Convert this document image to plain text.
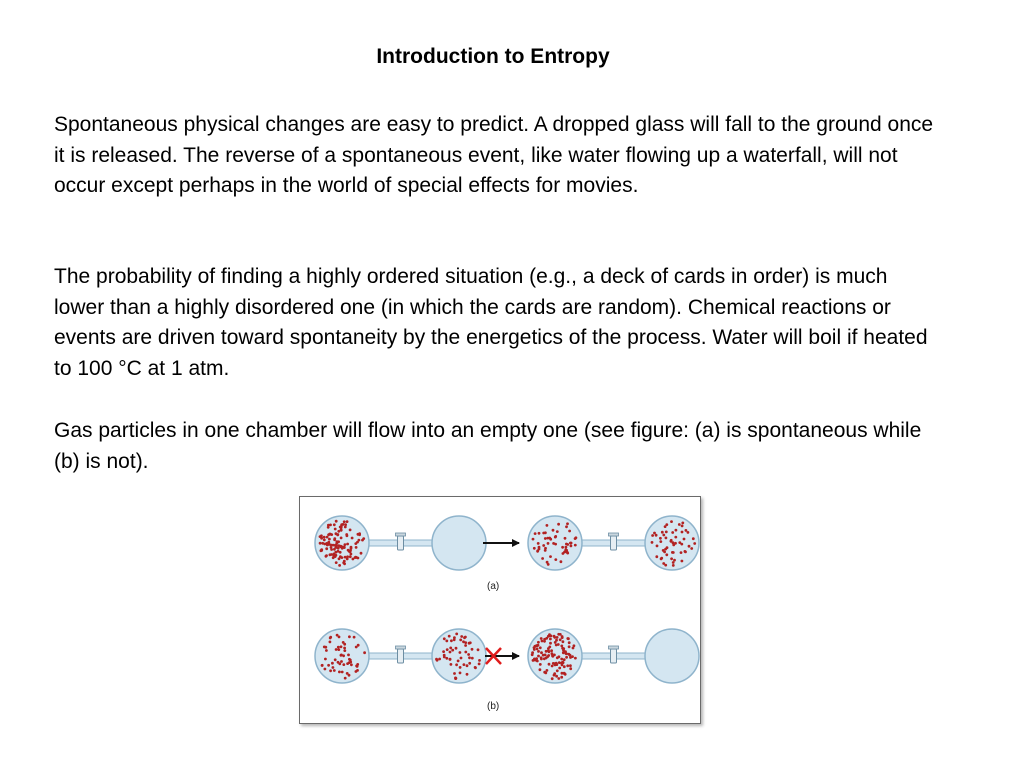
Introduction to Entropy

Spontaneous physical changes are easy to predict. A dropped glass will fall to the ground once it is released. The reverse of a spontaneous event, like water flowing up a waterfall, will not occur except perhaps in the world of special effects for movies.

The probability of finding a highly ordered situation (e.g., a deck of cards in order) is much lower than a highly disordered one (in which the cards are random). Chemical reactions or events are driven toward spontaneity by the energetics of the process. Water will boil if heated to 100 °C at 1 atm.

Gas particles in one chamber will flow into an empty one (see figure: (a) is spontaneous while (b) is not).

(a)
(b)
